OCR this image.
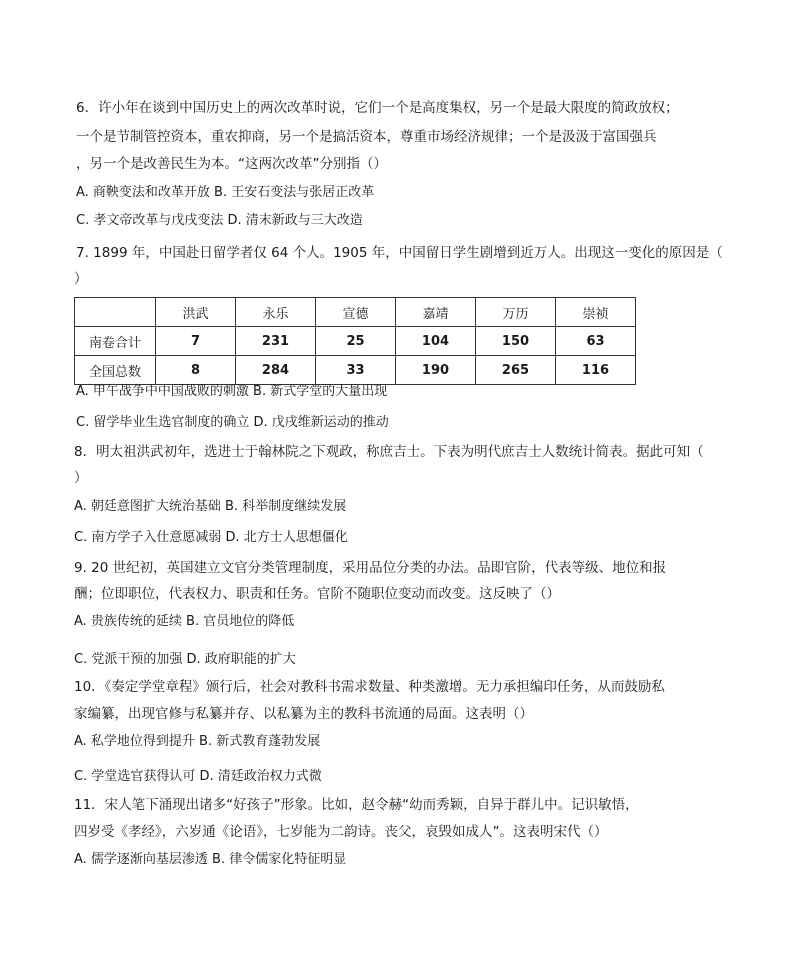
6．许小年在谈到中国历史上的两次改革时说，它们一个是高度集权，另一个是最大限度的简政放权；
一个是节制管控资本，重农抑商，另一个是搞活资本，尊重市场经济规律；一个是汲汲于富国强兵
，另一个是改善民生为本。“这两次改革”分别指（）
A. 商鞅变法和改革开放 B. 王安石变法与张居正改革
C. 孝文帝改革与戊戌变法 D. 清末新政与三大改造
7. 1899 年，中国赴日留学者仅 64 个人。1905 年，中国留日学生剧增到近万人。出现这一变化的原因是（
）
	洪武	永乐	宣德	嘉靖	万历	崇祯
南卷合计	7	231	25	104	150	63
全国总数	8	284	33	190	265	116
A. 甲午战争中中国战败的刺激 B. 新式学堂的大量出现
C. 留学毕业生选官制度的确立 D. 戊戌维新运动的推动
8．明太祖洪武初年，选进士于翰林院之下观政，称庶吉士。下表为明代庶吉士人数统计简表。据此可知（
）
A. 朝廷意图扩大统治基础 B. 科举制度继续发展
C. 南方学子入仕意愿减弱 D. 北方士人思想僵化
9. 20 世纪初，英国建立文官分类管理制度，采用品位分类的办法。品即官阶，代表等级、地位和报
酬；位即职位，代表权力、职责和任务。官阶不随职位变动而改变。这反映了（）
A. 贵族传统的延续 B. 官员地位的降低
C. 党派干预的加强 D. 政府职能的扩大
10．《奏定学堂章程》颁行后，社会对教科书需求数量、种类激增。无力承担编印任务，从而鼓励私
家编纂，出现官修与私纂并存、以私纂为主的教科书流通的局面。这表明（）
A. 私学地位得到提升 B. 新式教育蓬勃发展
C. 学堂选官获得认可 D. 清廷政治权力式微
11．宋人笔下涌现出诸多“好孩子”形象。比如，赵令赫“幼而秀颖，自异于群儿中。记识敏悟，
四岁受《孝经》，六岁通《论语》，七岁能为二韵诗。丧父，哀毁如成人”。这表明宋代（）
A. 儒学逐渐向基层渗透 B. 律令儒家化特征明显
